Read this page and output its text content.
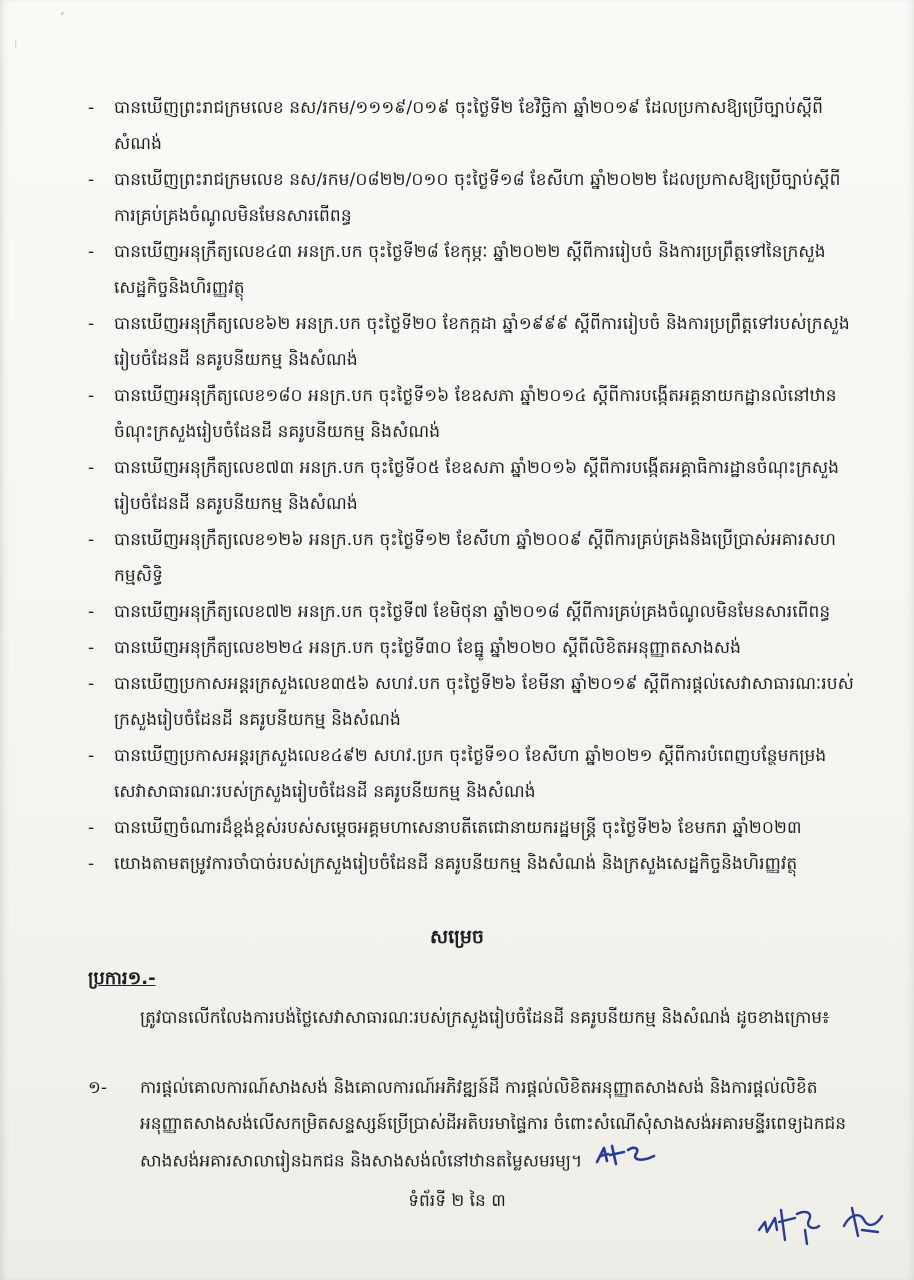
ˊ
⁝
- បានឃើញព្រះរាជក្រមលេខ នស/រកម/១១១៩/០១៩ ចុះថ្ងៃទី២ ខែវិច្ឆិកា ឆ្នាំ២០១៩ ដែលប្រកាសឱ្យប្រើច្បាប់ស្តីពីសំណង់
- បានឃើញព្រះរាជក្រមលេខ នស/រកម/០៨២២/០១០ ចុះថ្ងៃទី១៨ ខែសីហា ឆ្នាំ២០២២ ដែលប្រកាសឱ្យប្រើច្បាប់ស្តីពីការគ្រប់គ្រងចំណូលមិនមែនសារពើពន្ធ
- បានឃើញអនុក្រឹត្យលេខ៤៣ អនក្រ.បក ចុះថ្ងៃទី២៨ ខែកុម្ភៈ ឆ្នាំ២០២២ ស្តីពីការរៀបចំ និងការប្រព្រឹត្តទៅនៃក្រសួងសេដ្ឋកិច្ចនិងហិរញ្ញវត្ថុ
- បានឃើញអនុក្រឹត្យលេខ៦២ អនក្រ.បក ចុះថ្ងៃទី២០ ខែកក្កដា ឆ្នាំ១៩៩៩ ស្តីពីការរៀបចំ និងការប្រព្រឹត្តទៅរបស់ក្រសួងរៀបចំដែនដី នគរូបនីយកម្ម និងសំណង់
- បានឃើញអនុក្រឹត្យលេខ១៨០ អនក្រ.បក ចុះថ្ងៃទី១៦ ខែឧសភា ឆ្នាំ២០១៤ ស្តីពីការបង្កើតអគ្គនាយកដ្ឋានលំនៅឋានចំណុះក្រសួងរៀបចំដែនដី នគរូបនីយកម្ម និងសំណង់
- បានឃើញអនុក្រឹត្យលេខ៧៣ អនក្រ.បក ចុះថ្ងៃទី០៥ ខែឧសភា ឆ្នាំ២០១៦ ស្តីពីការបង្កើតអគ្គាធិការដ្ឋានចំណុះក្រសួងរៀបចំដែនដី នគរូបនីយកម្ម និងសំណង់
- បានឃើញអនុក្រឹត្យលេខ១២៦ អនក្រ.បក ចុះថ្ងៃទី១២ ខែសីហា ឆ្នាំ២០០៩ ស្តីពីការគ្រប់គ្រងនិងប្រើប្រាស់អគារសហកម្មសិទ្ធិ
- បានឃើញអនុក្រឹត្យលេខ៧២ អនក្រ.បក ចុះថ្ងៃទី៧ ខែមិថុនា ឆ្នាំ២០១៨ ស្តីពីការគ្រប់គ្រងចំណូលមិនមែនសារពើពន្ធ
- បានឃើញអនុក្រឹត្យលេខ២២៤ អនក្រ.បក ចុះថ្ងៃទី៣០ ខែធ្នូ ឆ្នាំ២០២០ ស្តីពីលិខិតអនុញ្ញាតសាងសង់
- បានឃើញប្រកាសអន្តរក្រសួងលេខ៣៥៦ សហវ.បក ចុះថ្ងៃទី២៦ ខែមីនា ឆ្នាំ២០១៩ ស្តីពីការផ្តល់សេវាសាធារណៈរបស់ក្រសួងរៀបចំដែនដី នគរូបនីយកម្ម និងសំណង់
- បានឃើញប្រកាសអន្តរក្រសួងលេខ៤៩២ សហវ.ប្រក ចុះថ្ងៃទី១០ ខែសីហា ឆ្នាំ២០២១ ស្តីពីការបំពេញបន្ថែមកម្រងសេវាសាធារណៈរបស់ក្រសួងរៀបចំដែនដី នគរូបនីយកម្ម និងសំណង់
- បានឃើញចំណារដ៏ខ្ពង់ខ្ពស់របស់សម្តេចអគ្គមហាសេនាបតីតេជោនាយករដ្ឋមន្ត្រី ចុះថ្ងៃទី២៦ ខែមករា ឆ្នាំ២០២៣
- យោងតាមតម្រូវការចាំបាច់របស់ក្រសួងរៀបចំដែនដី នគរូបនីយកម្ម និងសំណង់ និងក្រសួងសេដ្ឋកិច្ចនិងហិរញ្ញវត្ថុ
សម្រេច
ប្រការ១.-
ត្រូវបានលើកលែងការបង់ថ្លៃសេវាសាធារណៈរបស់ក្រសួងរៀបចំដែនដី នគរូបនីយកម្ម និងសំណង់ ដូចខាងក្រោម៖
១- ការផ្តល់គោលការណ៍សាងសង់ និងគោលការណ៍អភិវឌ្ឍន៍ដី ការផ្តល់លិខិតអនុញ្ញាតសាងសង់ និងការផ្តល់លិខិតអនុញ្ញាតសាងសង់លើសកម្រិតសន្ទស្សន៍ប្រើប្រាស់ដីអតិបរមាផ្ទៃការ ចំពោះសំណើសុំសាងសង់អគារមន្ទីរពេទ្យឯកជន សាងសង់អគារសាលារៀនឯកជន និងសាងសង់លំនៅឋានតម្លៃសមរម្យ។
ទំព័រទី ២ នៃ ៣
